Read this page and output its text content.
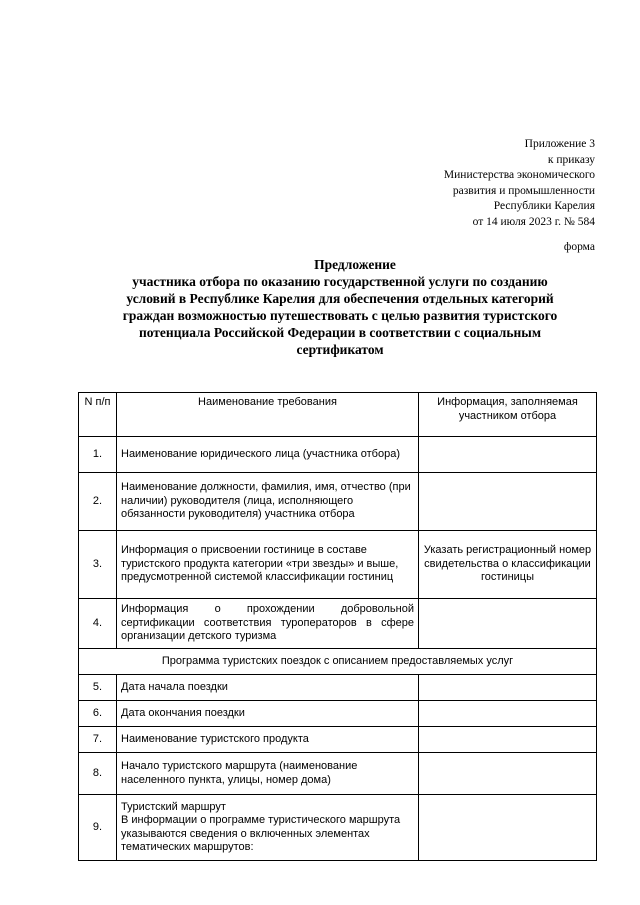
Приложение 3
к приказу
Министерства экономического
развития и промышленности
Республики Карелия
от 14 июля 2023 г. № 584
форма
Предложение
участника отбора по оказанию государственной услуги по созданию
условий в Республике Карелия для обеспечения отдельных категорий
граждан возможностью путешествовать с целью развития туристского
потенциала Российской Федерации в соответствии с социальным
сертификатом
N п/п	Наименование требования	Информация, заполняемая участником отбора
1.	Наименование юридического лица (участника отбора)	
2.	Наименование должности, фамилия, имя, отчество (при наличии) руководителя (лица, исполняющего обязанности руководителя) участника отбора	
3.	Информация о присвоении гостинице в составе туристского продукта категории «три звезды» и выше, предусмотренной системой классификации гостиниц	Указать регистрационный номер свидетельства о классификации гостиницы
4.	Информация о прохождении добровольной сертификации соответствия туроператоров в сфере организации детского туризма	
Программа туристских поездок с описанием предоставляемых услуг		
5.	Дата начала поездки	
6.	Дата окончания поездки	
7.	Наименование туристского продукта	
8.	Начало туристского маршрута (наименование населенного пункта, улицы, номер дома)	
9.	Туристский маршрут
В информации о программе туристического маршрута указываются сведения о включенных элементах тематических маршрутов:	
